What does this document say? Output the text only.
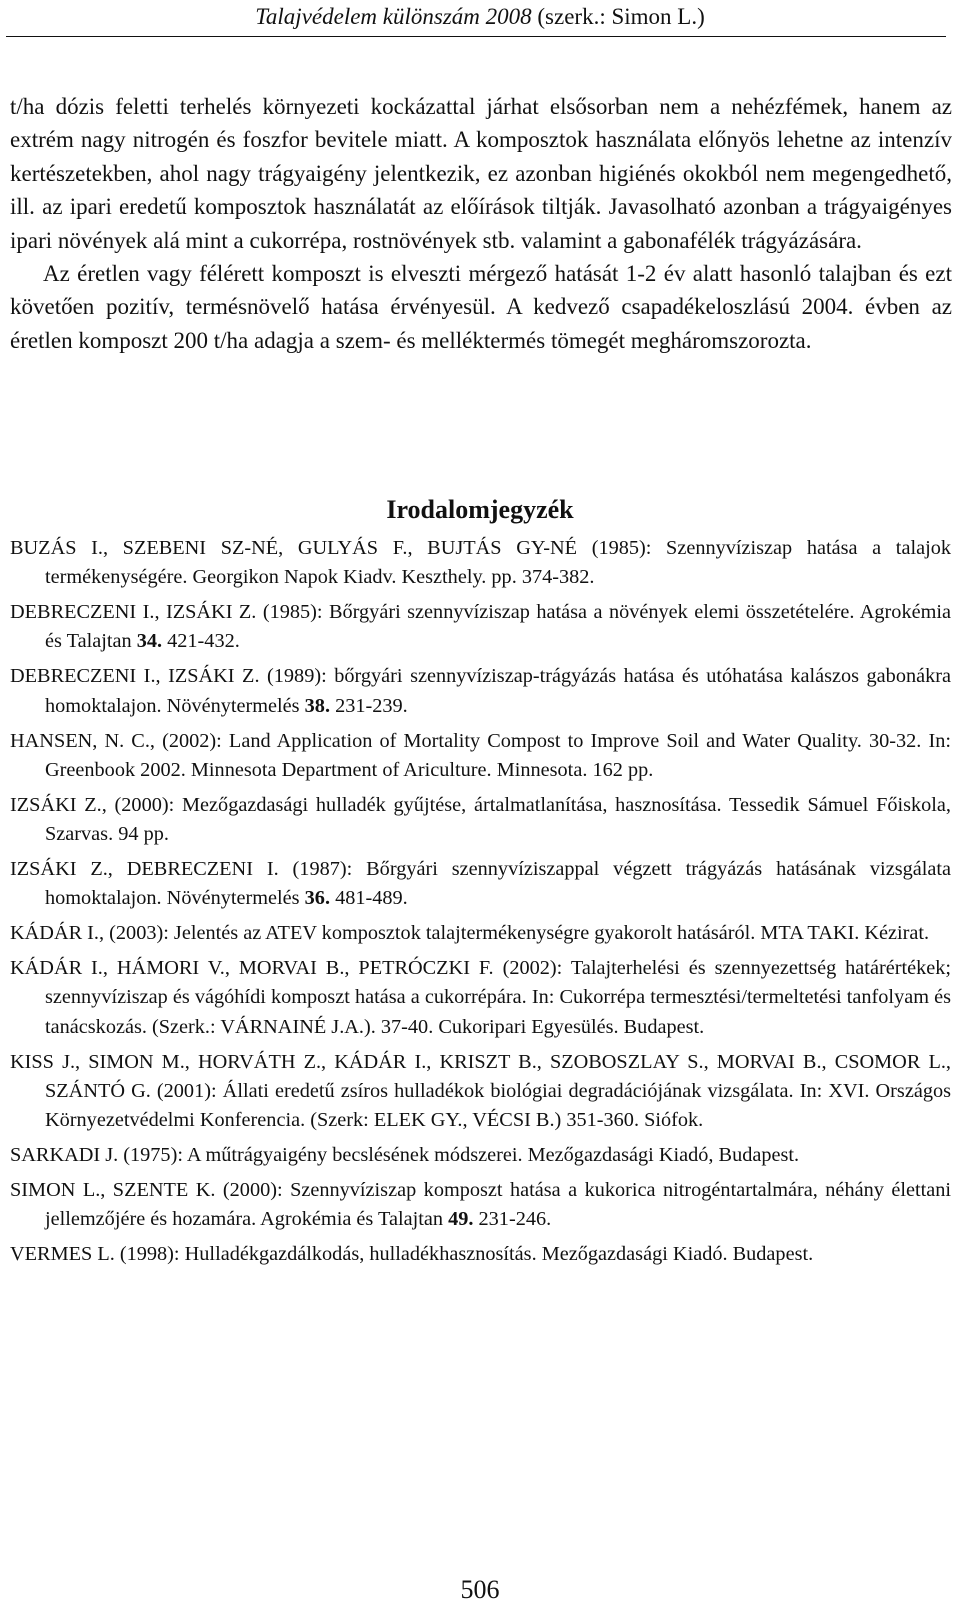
Talajvédelem különszám 2008 (szerk.: Simon L.)

t/ha dózis feletti terhelés környezeti kockázattal járhat elsősorban nem a nehézfémek, hanem az extrém nagy nitrogén és foszfor bevitele miatt. A komposztok használata előnyös lehetne az intenzív kertészetekben, ahol nagy trágyaigény jelentkezik, ez azonban higiénés okokból nem megengedhető, ill. az ipari eredetű komposztok használatát az előírások tiltják. Javasolható azonban a trágyaigényes ipari növények alá mint a cukorrépa, rostnövények stb. valamint a gabonafélék trágyázására.

Az éretlen vagy félérett komposzt is elveszti mérgező hatását 1-2 év alatt hasonló talajban és ezt követően pozitív, termésnövelő hatása érvényesül. A kedvező csapadékeloszlású 2004. évben az éretlen komposzt 200 t/ha adagja a szem- és melléktermés tömegét megháromszorozta.

Irodalomjegyzék

BUZÁS I., SZEBENI SZ-NÉ, GULYÁS F., BUJTÁS GY-NÉ (1985): Szennyvíziszap hatása a talajok termékenységére. Georgikon Napok Kiadv. Keszthely. pp. 374-382.

DEBRECZENI I., IZSÁKI Z. (1985): Bőrgyári szennyvíziszap hatása a növények elemi összetételére. Agrokémia és Talajtan 34. 421-432.

DEBRECZENI I., IZSÁKI Z. (1989): bőrgyári szennyvíziszap-trágyázás hatása és utóhatása kalászos gabonákra homoktalajon. Növénytermelés 38. 231-239.

HANSEN, N. C., (2002): Land Application of Mortality Compost to Improve Soil and Water Quality. 30-32. In: Greenbook 2002. Minnesota Department of Ariculture. Minnesota. 162 pp.

IZSÁKI Z., (2000): Mezőgazdasági hulladék gyűjtése, ártalmatlanítása, hasznosítása. Tessedik Sámuel Főiskola, Szarvas. 94 pp.

IZSÁKI Z., DEBRECZENI I. (1987): Bőrgyári szennyvíziszappal végzett trágyázás hatásának vizsgálata homoktalajon. Növénytermelés 36. 481-489.

KÁDÁR I., (2003): Jelentés az ATEV komposztok talajtermékenységre gyakorolt hatásáról. MTA TAKI. Kézirat.

KÁDÁR I., HÁMORI V., MORVAI B., PETRÓCZKI F. (2002): Talajterhelési és szennyezettség határértékek; szennyvíziszap és vágóhídi komposzt hatása a cukorrépára. In: Cukorrépa termesztési/termeltetési tanfolyam és tanácskozás. (Szerk.: VÁRNAINÉ J.A.). 37-40. Cukoripari Egyesülés. Budapest.

KISS J., SIMON M., HORVÁTH Z., KÁDÁR I., KRISZT B., SZOBOSZLAY S., MORVAI B., CSOMOR L., SZÁNTÓ G. (2001): Állati eredetű zsíros hulladékok biológiai degradációjának vizsgálata. In: XVI. Országos Környezetvédelmi Konferencia. (Szerk: ELEK GY., VÉCSI B.) 351-360. Siófok.

SARKADI J. (1975): A műtrágyaigény becslésének módszerei. Mezőgazdasági Kiadó, Budapest.

SIMON L., SZENTE K. (2000): Szennyvíziszap komposzt hatása a kukorica nitrogéntartalmára, néhány élettani jellemzőjére és hozamára. Agrokémia és Talajtan 49. 231-246.

VERMES L. (1998): Hulladékgazdálkodás, hulladékhasznosítás. Mezőgazdasági Kiadó. Budapest.

506
